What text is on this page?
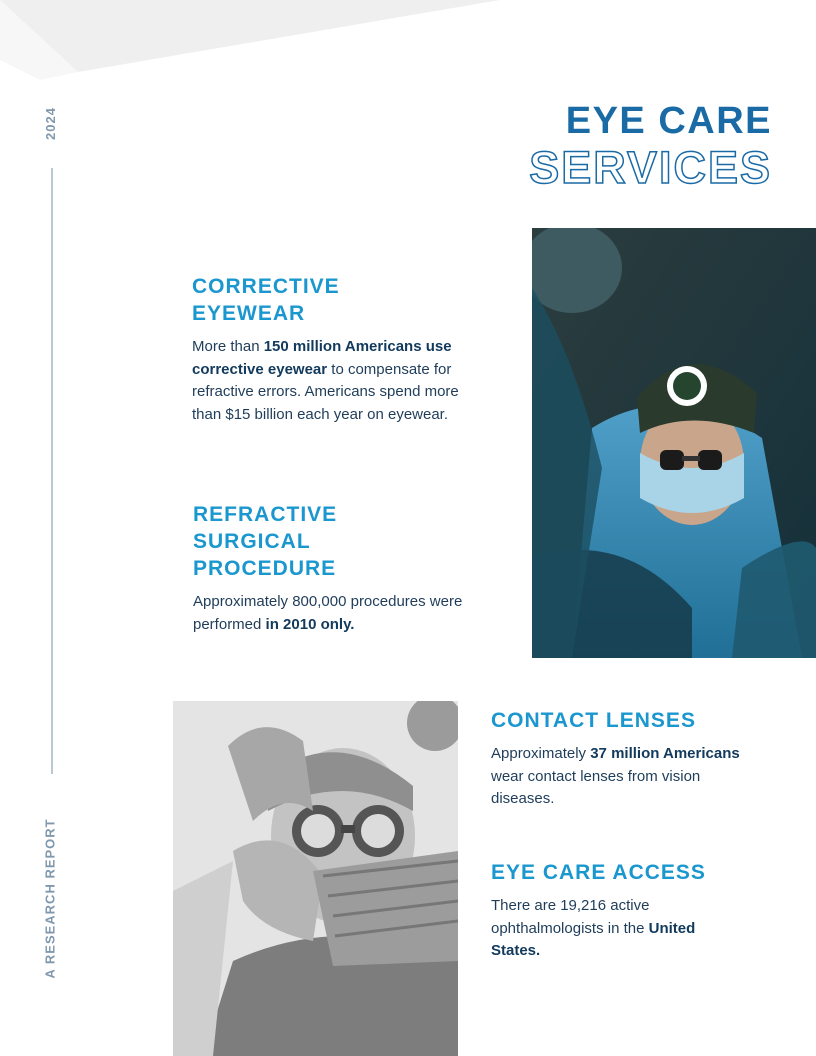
2024
A RESEARCH REPORT
EYE CARE
SERVICES
CORRECTIVE
EYEWEAR

More than 150 million Americans use corrective eyewear to compensate for refractive errors. Americans spend more than $15 billion each year on eyewear.

REFRACTIVE
SURGICAL
PROCEDURE

Approximately 800,000 procedures were performed in 2010 only.

CONTACT LENSES

Approximately 37 million Americans wear contact lenses from vision diseases.

EYE CARE ACCESS

There are 19,216 active ophthalmologists in the United States.
